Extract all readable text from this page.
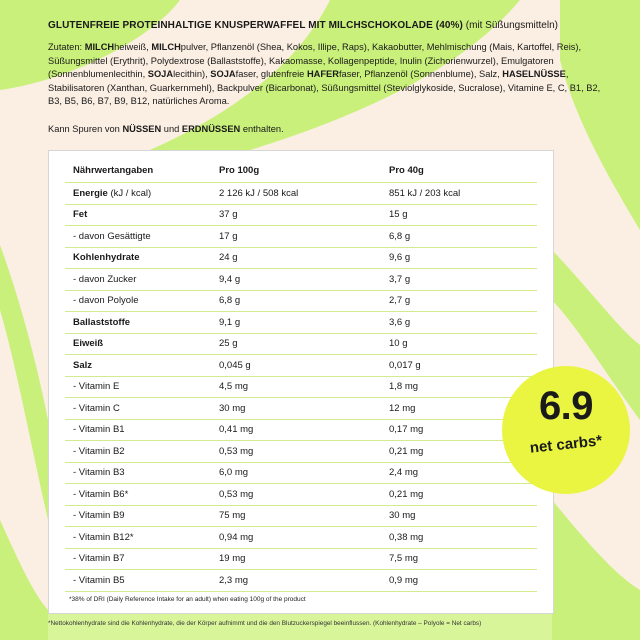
GLUTENFREIE PROTEINHALTIGE KNUSPERWAFFEL MIT MILCHSCHOKOLADE (40%) (mit Süßungsmitteln)
Zutaten: MILCHheiweiß, MILCHpulver, Pflanzenöl (Shea, Kokos, Illipe, Raps), Kakaobutter, Mehlmischung (Mais, Kartoffel, Reis), Süßungsmittel (Erythrit), Polydextrose (Ballaststoffe), Kakaomasse, Kollagenpeptide, Inulin (Zichorienwurzel), Emulgatoren (Sonnenblumenlecithin, SOJAlecithin), SOJAfaser, glutenfreie HAFERfaser, Pflanzenöl (Sonnenblume), Salz, HASELNÜSSE, Stabilisatoren (Xanthan, Guarkernmehl), Backpulver (Bicarbonat), Süßungsmittel (Steviolglykoside, Sucralose), Vitamine E, C, B1, B2, B3, B5, B6, B7, B9, B12, natürliches Aroma.
Kann Spuren von NÜSSEN und ERDNÜSSEN enthalten.
Nährwertangaben	Pro 100g	Pro 40g
Energie (kJ / kcal)	2 126 kJ / 508 kcal	851 kJ / 203 kcal
Fet	37 g	15 g
- davon Gesättigte	17 g	6,8 g
Kohlenhydrate	24 g	9,6 g
- davon Zucker	9,4 g	3,7 g
- davon Polyole	6,8 g	2,7 g
Ballaststoffe	9,1 g	3,6 g
Eiweiß	25 g	10 g
Salz	0,045 g	0,017 g
- Vitamin E	4,5 mg	1,8 mg
- Vitamin C	30 mg	12 mg
- Vitamin B1	0,41 mg	0,17 mg
- Vitamin B2	0,53 mg	0,21 mg
- Vitamin B3	6,0 mg	2,4 mg
- Vitamin B6*	0,53 mg	0,21 mg
- Vitamin B9	75 mg	30 mg
- Vitamin B12*	0,94 mg	0,38 mg
- Vitamin B7	19 mg	7,5 mg
- Vitamin B5	2,3 mg	0,9 mg
*38% of DRI (Daily Reference Intake for an adult) when eating 100g of the product
6.9
net carbs*
*Nettokohlenhydrate sind die Kohlenhydrate, die der Körper aufnimmt und die den Blutzuckerspiegel beeinflussen. (Kohlenhydrate – Polyole = Net carbs)
